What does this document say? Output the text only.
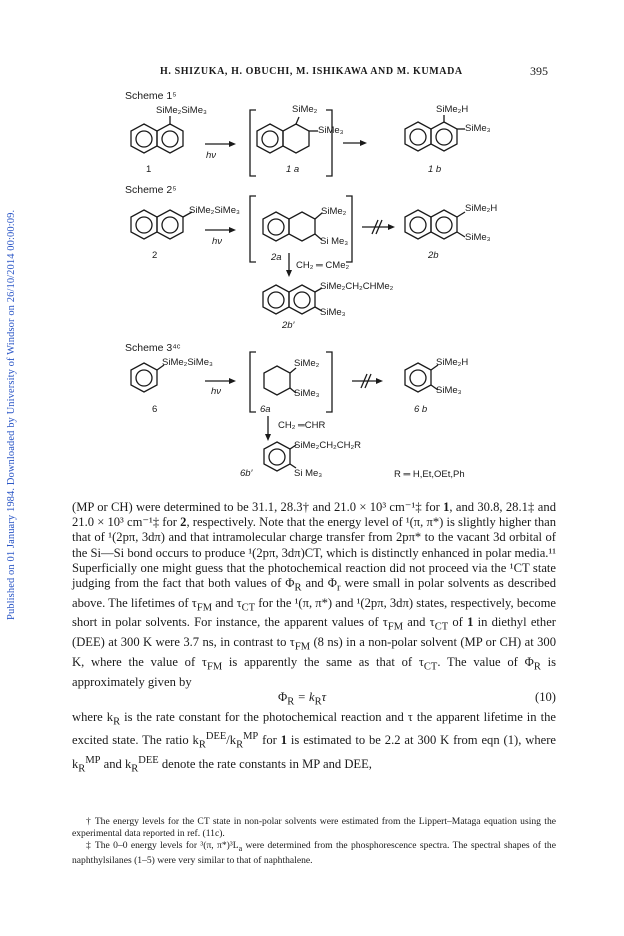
Published on 01 January 1984. Downloaded by University of Windsor on 26/10/2014 00:00:09.
H. SHIZUKA, H. OBUCHI, M. ISHIKAWA AND M. KUMADA	395
Scheme 1⁵
SiMe₂SiMe₃
hν
SiMe₂
SiMe₃
SiMe₂H
SiMe₃
1	1 a	1 b
Scheme 2⁵
SiMe₂SiMe₃
hν
SiMe₂
Si Me₃
SiMe₂H
SiMe₃
2	2a
CH₂ ═ CMe₂
2b
SiMe₂CH₂CHMe₂
SiMe₃
2b′
Scheme 3⁴ᶜ
SiMe₂SiMe₃
hν
SiMe₂
SiMe₃
SiMe₂H
SiMe₃
6	6a	6 b
CH₂ ═CHR
SiMe₂CH₂CH₂R
Si Me₃
6b′	R ═ H,Et,OEt,Ph

(MP or CH) were determined to be 31.1, 28.3† and 21.0 × 10³ cm⁻¹‡ for 1, and 30.8, 28.1‡ and 21.0 × 10³ cm⁻¹‡ for 2, respectively. Note that the energy level of ¹(π, π*) is slightly higher than that of ¹(2pπ, 3dπ) and that intramolecular charge transfer from 2pπ* to the vacant 3d orbital of the Si—Si bond occurs to produce ¹(2pπ, 3dπ)CT, which is distinctly enhanced in polar media.¹¹ Superficially one might guess that the photochemical reaction did not proceed via the ¹CT state judging from the fact that both values of $\Phi_R$ and $\Phi_r$ were small in polar solvents as described above. The lifetimes of $\tau_{FM}$ and $\tau_{CT}$ for the ¹(π, π*) and ¹(2pπ, 3dπ) states, respectively, become short in polar solvents. For instance, the apparent values of $\tau_{FM}$ and $\tau_{CT}$ of 1 in diethyl ether (DEE) at 300 K were 3.7 ns, in contrast to $\tau_{FM}$ (8 ns) in a non-polar solvent (MP or CH) at 300 K, where the value of $\tau_{FM}$ is apparently the same as that of $\tau_{CT}$. The value of $\Phi_R$ is approximately given by

$\Phi_R = k_R\tau$	(10)

where $k_R$ is the rate constant for the photochemical reaction and τ the apparent lifetime in the excited state. The ratio $k_R^{DEE}/k_R^{MP}$ for 1 is estimated to be 2.2 at 300 K from eqn (1), where $k_R^{MP}$ and $k_R^{DEE}$ denote the rate constants in MP and DEE,

† The energy levels for the CT state in non-polar solvents were estimated from the Lippert–Mataga equation using the experimental data reported in ref. (11c).

‡ The 0–0 energy levels for ³(π, $\pi*)^3L_a$ were determined from the phosphorescence spectra. The spectral shapes of the naphthylsilanes (1–5) were very similar to that of naphthalene.
